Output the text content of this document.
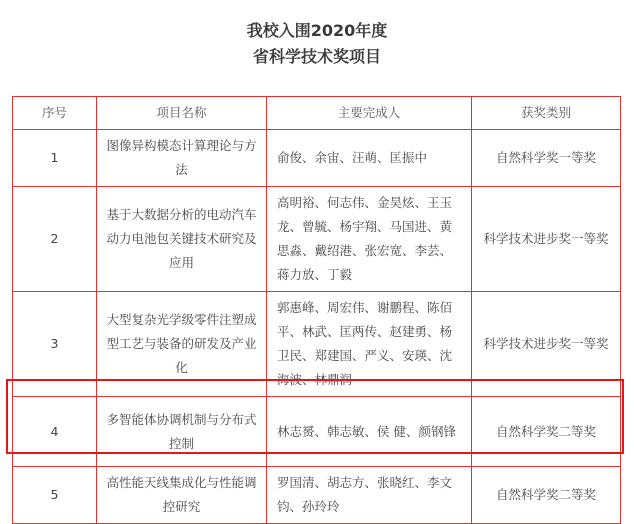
我校入围2020年度
省科学技术奖项目
序号	项目名称	主要完成人	获奖类别
1	图像异构模态计算理论与方法	俞俊、余宙、汪萌、匡振中	自然科学奖一等奖
2	基于大数据分析的电动汽车动力电池包关键技术研究及应用	高明裕、何志伟、金昊炫、王玉龙、曾毓、杨宇翔、马国进、黄思淼、戴绍港、张宏宽、李芸、蒋力放、丁毅	科学技术进步奖一等奖
3	大型复杂光学级零件注塑成型工艺与装备的研发及产业化	郭惠峰、周宏伟、谢鹏程、陈佰平、林武、匡两传、赵建勇、杨卫民、郑建国、严义、安瑛、沈海波、林鼎润	科学技术进步奖一等奖
4	多智能体协调机制与分布式控制	林志赟、韩志敏、侯 健、颜钢锋	自然科学奖二等奖
5	高性能天线集成化与性能调控研究	罗国清、胡志方、张晓红、李文钧、孙玲玲	自然科学奖二等奖
